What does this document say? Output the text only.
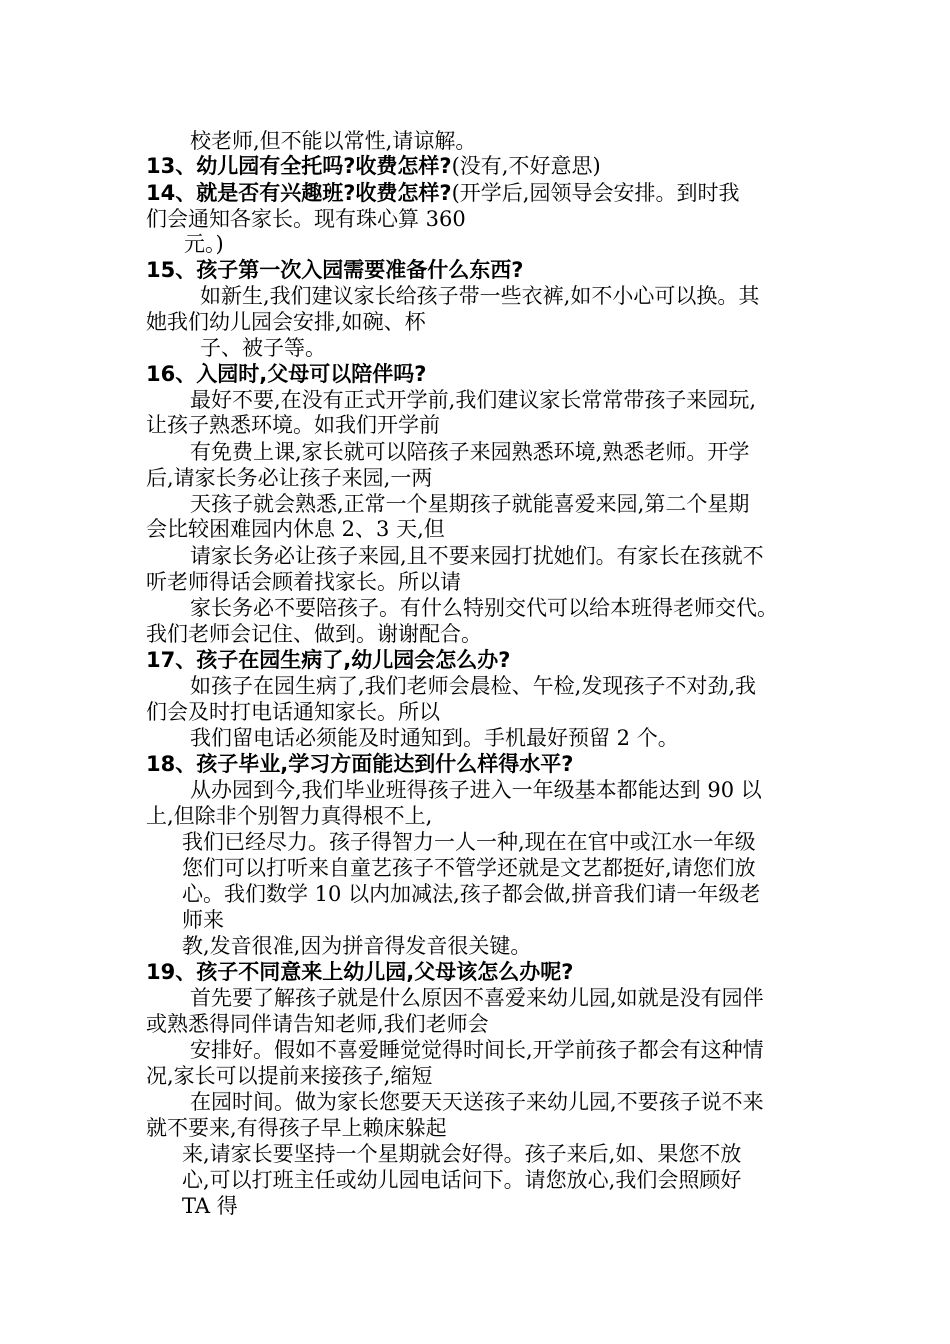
校老师,但不能以常性,请谅解。
13、幼儿园有全托吗?收费怎样?(没有,不好意思)
14、就是否有兴趣班?收费怎样?(开学后,园领导会安排。到时我
们会通知各家长。现有珠心算 360
元。)
15、孩子第一次入园需要准备什么东西?
如新生,我们建议家长给孩子带一些衣裤,如不小心可以换。其
她我们幼儿园会安排,如碗、杯
子、被子等。
16、入园时,父母可以陪伴吗?
最好不要,在没有正式开学前,我们建议家长常常带孩子来园玩,
让孩子熟悉环境。如我们开学前
有免费上课,家长就可以陪孩子来园熟悉环境,熟悉老师。开学
后,请家长务必让孩子来园,一两
天孩子就会熟悉,正常一个星期孩子就能喜爱来园,第二个星期
会比较困难园内休息 2、3 天,但
请家长务必让孩子来园,且不要来园打扰她们。有家长在孩就不
听老师得话会顾着找家长。所以请
家长务必不要陪孩子。有什么特别交代可以给本班得老师交代。
我们老师会记住、做到。谢谢配合。
17、孩子在园生病了,幼儿园会怎么办?
如孩子在园生病了,我们老师会晨检、午检,发现孩子不对劲,我
们会及时打电话通知家长。所以
我们留电话必须能及时通知到。手机最好预留 2 个。
18、孩子毕业,学习方面能达到什么样得水平?
从办园到今,我们毕业班得孩子进入一年级基本都能达到 90 以
上,但除非个别智力真得根不上,
我们已经尽力。孩子得智力一人一种,现在在官中或江水一年级
您们可以打听来自童艺孩子不管学还就是文艺都挺好,请您们放
心。我们数学 10 以内加减法,孩子都会做,拼音我们请一年级老
师来
教,发音很准,因为拼音得发音很关键。
19、孩子不同意来上幼儿园,父母该怎么办呢?
首先要了解孩子就是什么原因不喜爱来幼儿园,如就是没有园伴
或熟悉得同伴请告知老师,我们老师会
安排好。假如不喜爱睡觉觉得时间长,开学前孩子都会有这种情
况,家长可以提前来接孩子,缩短
在园时间。做为家长您要天天送孩子来幼儿园,不要孩子说不来
就不要来,有得孩子早上赖床躲起
来,请家长要坚持一个星期就会好得。孩子来后,如、果您不放
心,可以打班主任或幼儿园电话问下。请您放心,我们会照顾好
TA 得
